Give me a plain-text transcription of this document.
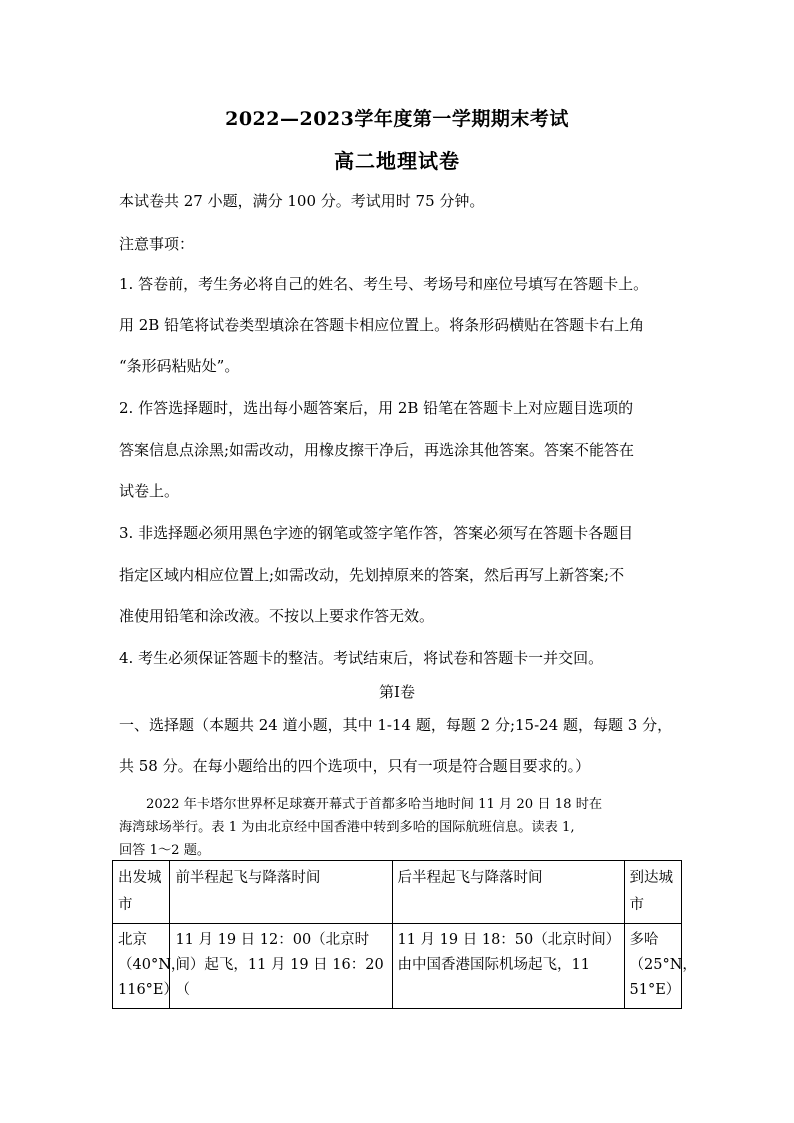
2022—2023学年度第一学期期末考试
高二地理试卷
本试卷共 27 小题，满分 100 分。考试用时 75 分钟。
注意事项：
1. 答卷前，考生务必将自己的姓名、考生号、考场号和座位号填写在答题卡上。
用 2B 铅笔将试卷类型填涂在答题卡相应位置上。将条形码横贴在答题卡右上角
“条形码粘贴处”。
2. 作答选择题时，选出每小题答案后，用 2B 铅笔在答题卡上对应题目选项的
答案信息点涂黑;如需改动，用橡皮擦干净后，再选涂其他答案。答案不能答在
试卷上。
3. 非选择题必须用黑色字迹的钢笔或签字笔作答，答案必须写在答题卡各题目
指定区域内相应位置上;如需改动，先划掉原来的答案，然后再写上新答案;不
准使用铅笔和涂改液。不按以上要求作答无效。
4. 考生必须保证答题卡的整洁。考试结束后，将试卷和答题卡一并交回。
第Ⅰ卷
一、选择题（本题共 24 道小题，其中 1-14 题，每题 2 分;15-24 题，每题 3 分，
共 58 分。在每小题给出的四个选项中，只有一项是符合题目要求的。）
2022 年卡塔尔世界杯足球赛开幕式于首都多哈当地时间 11 月 20 日 18 时在
海湾球场举行。表 1 为由北京经中国香港中转到多哈的国际航班信息。读表 1,
回答 1～2 题。
出发城市	前半程起飞与降落时间	后半程起飞与降落时间	到达城市

北京（40°N，116°E）	11 月 19 日 12：00（北京时间）起飞，11 月 19 日 16：20（	11 月 19 日 18：50（北京时间）由中国香港国际机场起飞，11	多哈（25°N，51°E）
